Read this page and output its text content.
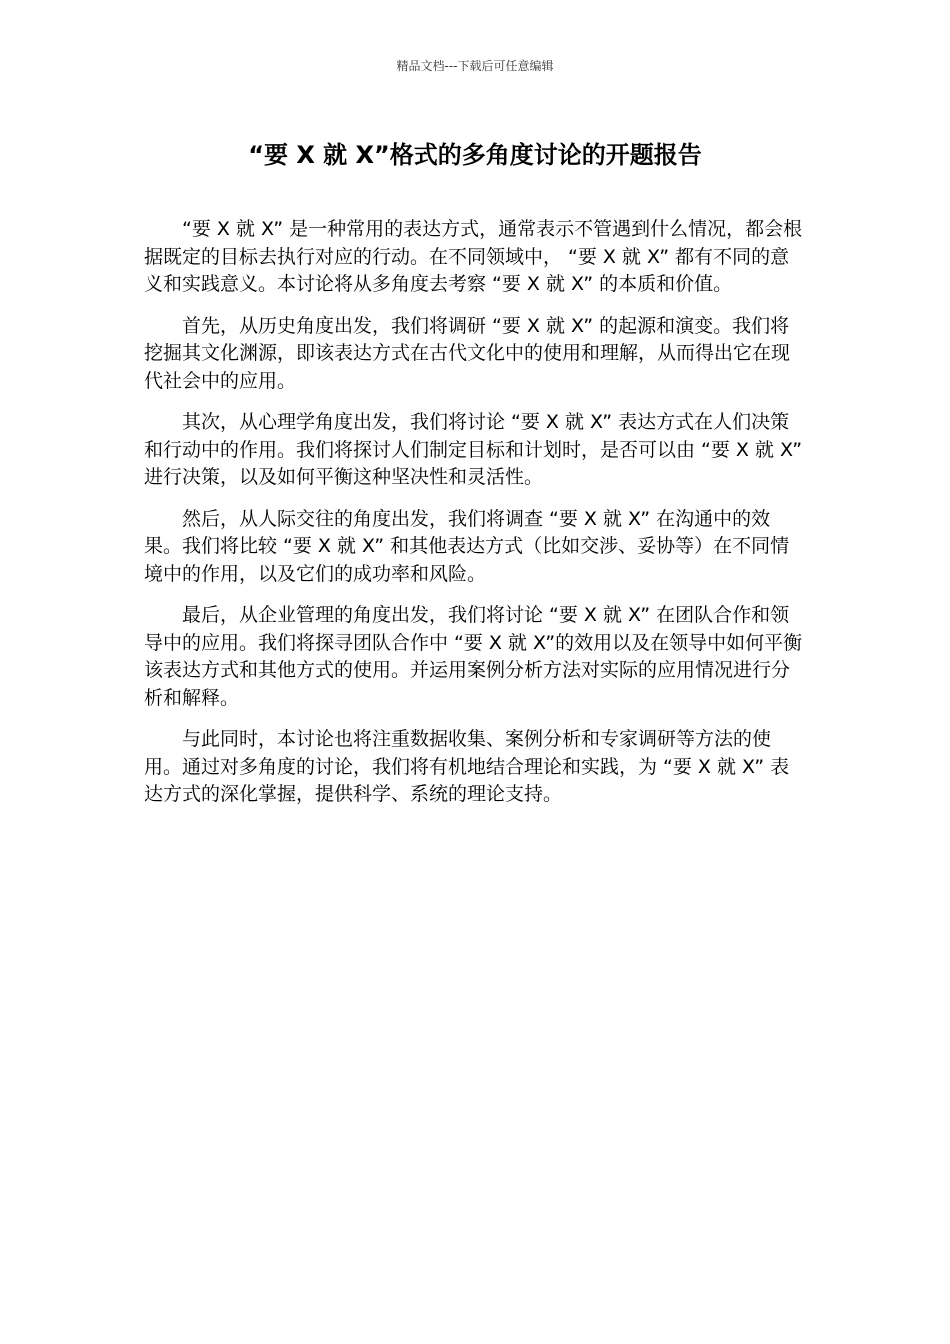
精品文档---下载后可任意编辑
“要 X 就 X”格式的多角度讨论的开题报告

“要 X 就 X” 是一种常用的表达方式，通常表示不管遇到什么情况，都会根据既定的目标去执行对应的行动。在不同领域中， “要 X 就 X” 都有不同的意义和实践意义。本讨论将从多角度去考察 “要 X 就 X” 的本质和价值。

首先，从历史角度出发，我们将调研 “要 X 就 X” 的起源和演变。我们将挖掘其文化渊源，即该表达方式在古代文化中的使用和理解，从而得出它在现代社会中的应用。

其次，从心理学角度出发，我们将讨论 “要 X 就 X” 表达方式在人们决策和行动中的作用。我们将探讨人们制定目标和计划时，是否可以由 “要 X 就 X” 进行决策，以及如何平衡这种坚决性和灵活性。

然后，从人际交往的角度出发，我们将调查 “要 X 就 X” 在沟通中的效果。我们将比较 “要 X 就 X” 和其他表达方式（比如交涉、妥协等）在不同情境中的作用，以及它们的成功率和风险。

最后，从企业管理的角度出发，我们将讨论 “要 X 就 X” 在团队合作和领导中的应用。我们将探寻团队合作中 “要 X 就 X”的效用以及在领导中如何平衡该表达方式和其他方式的使用。并运用案例分析方法对实际的应用情况进行分析和解释。

与此同时，本讨论也将注重数据收集、案例分析和专家调研等方法的使用。通过对多角度的讨论，我们将有机地结合理论和实践，为 “要 X 就 X” 表达方式的深化掌握，提供科学、系统的理论支持。
